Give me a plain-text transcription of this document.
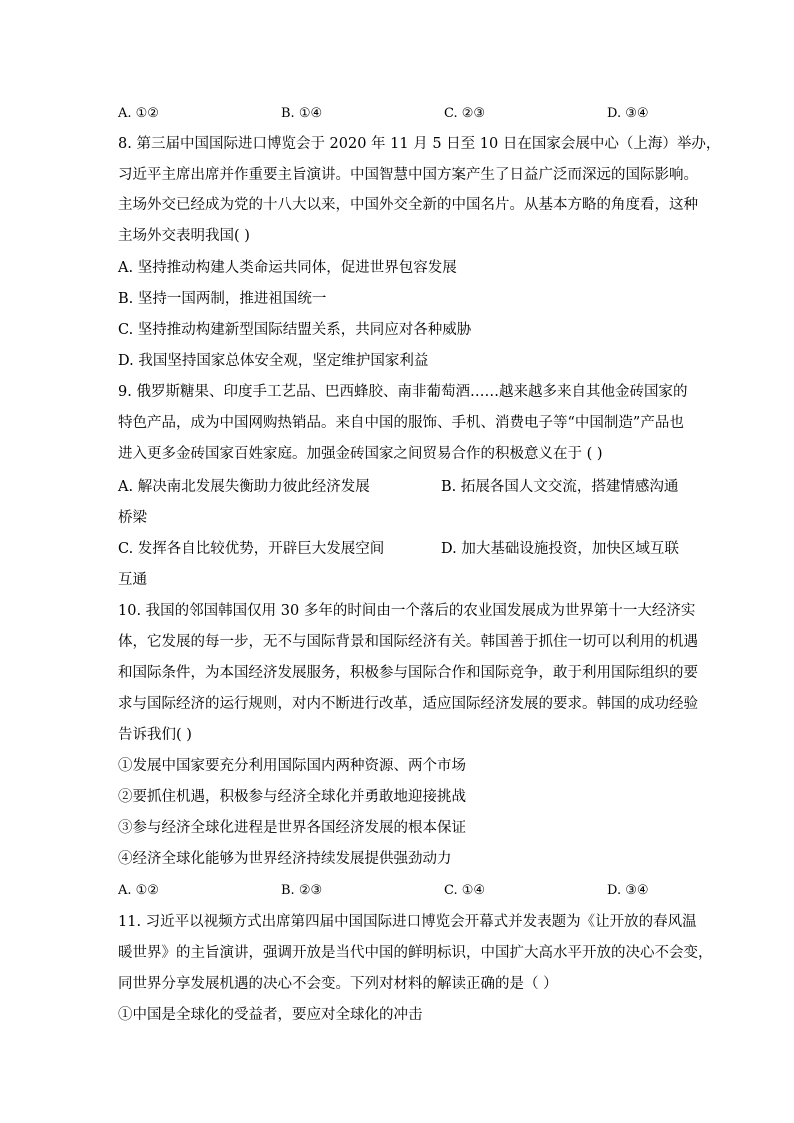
A. ①②	B. ①④	C. ②③	D. ③④
8. 第三届中国国际进口博览会于 2020 年 11 月 5 日至 10 日在国家会展中心（上海）举办，
习近平主席出席并作重要主旨演讲。中国智慧中国方案产生了日益广泛而深远的国际影响。
主场外交已经成为党的十八大以来，中国外交全新的中国名片。从基本方略的角度看，这种
主场外交表明我国( )
A. 坚持推动构建人类命运共同体，促进世界包容发展
B. 坚持一国两制，推进祖国统一
C. 坚持推动构建新型国际结盟关系，共同应对各种威胁
D. 我国坚持国家总体安全观，坚定维护国家利益
9. 俄罗斯糖果、印度手工艺品、巴西蜂胶、南非葡萄酒……越来越多来自其他金砖国家的
特色产品，成为中国网购热销品。来自中国的服饰、手机、消费电子等“中国制造”产品也
进入更多金砖国家百姓家庭。加强金砖国家之间贸易合作的积极意义在于 ( )
A. 解决南北发展失衡助力彼此经济发展	B. 拓展各国人文交流，搭建情感沟通
桥梁
C. 发挥各自比较优势，开辟巨大发展空间	D. 加大基础设施投资，加快区域互联
互通
10. 我国的邻国韩国仅用 30 多年的时间由一个落后的农业国发展成为世界第十一大经济实
体，它发展的每一步，无不与国际背景和国际经济有关。韩国善于抓住一切可以利用的机遇
和国际条件，为本国经济发展服务，积极参与国际合作和国际竞争，敢于利用国际组织的要
求与国际经济的运行规则，对内不断进行改革，适应国际经济发展的要求。韩国的成功经验
告诉我们( )
①发展中国家要充分利用国际国内两种资源、两个市场
②要抓住机遇，积极参与经济全球化并勇敢地迎接挑战
③参与经济全球化进程是世界各国经济发展的根本保证
④经济全球化能够为世界经济持续发展提供强劲动力
A. ①②	B. ②③	C. ①④	D. ③④
11. 习近平以视频方式出席第四届中国国际进口博览会开幕式并发表题为《让开放的春风温
暖世界》的主旨演讲，强调开放是当代中国的鲜明标识，中国扩大高水平开放的决心不会变，
同世界分享发展机遇的决心不会变。下列对材料的解读正确的是（ ）
①中国是全球化的受益者，要应对全球化的冲击
